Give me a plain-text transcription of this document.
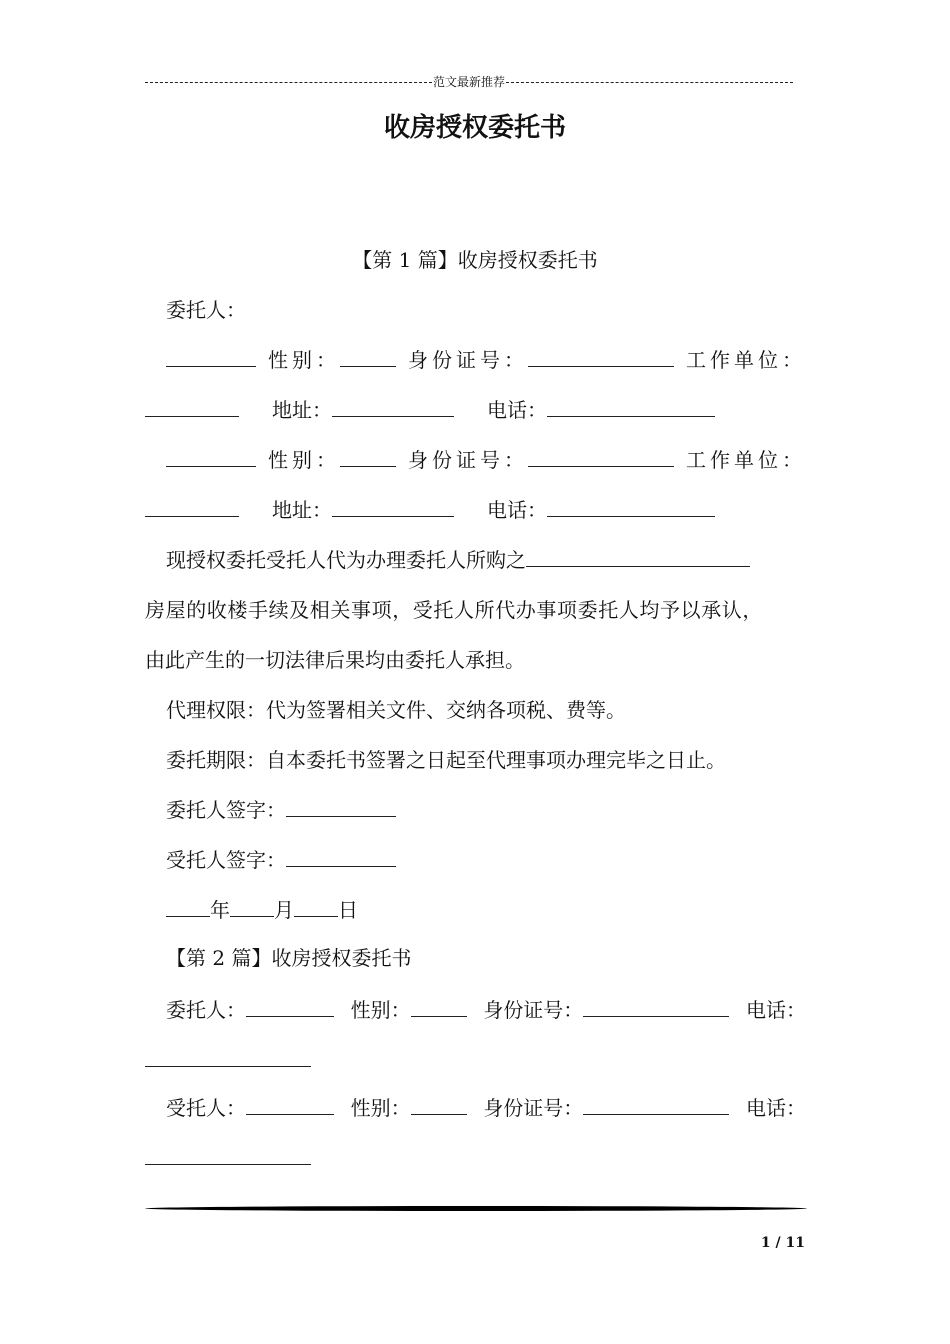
范文最新推荐
收房授权委托书
【第 1 篇】收房授权委托书
委托人：
性别：	身份证号：	工作单位：
地址：	电话：
性别：	身份证号：	工作单位：
地址：	电话：
现授权委托受托人代为办理委托人所购之
房屋的收楼手续及相关事项，受托人所代办事项委托人均予以承认，
由此产生的一切法律后果均由委托人承担。
代理权限：代为签署相关文件、交纳各项税、费等。
委托期限：自本委托书签署之日起至代理事项办理完毕之日止。
委托人签字：
受托人签字：
年 月 日
【第 2 篇】收房授权委托书
委托人：	性别：	身份证号：	电话：
受托人：	性别：	身份证号：	电话：
1 / 11
